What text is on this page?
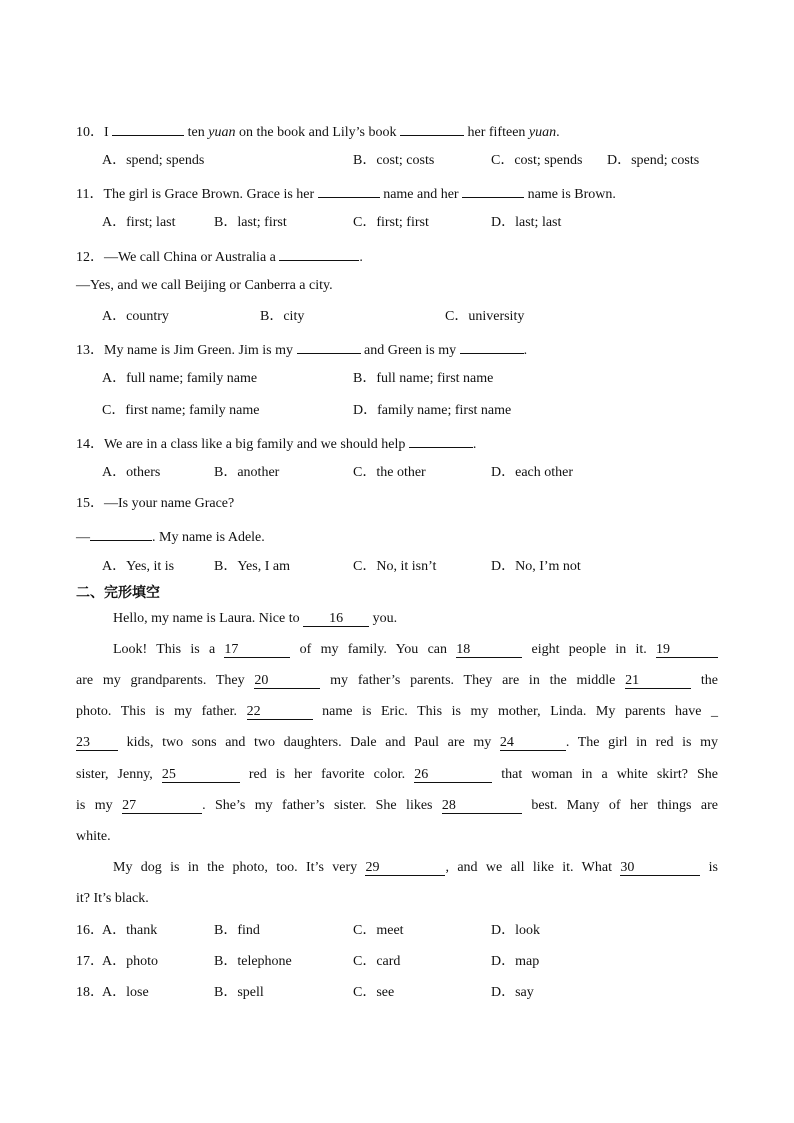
10．I	ten yuan on the book and Lily’s book	her fifteen yuan.
A．spend; spends	B．cost; costs	C．cost; spends D．spend; costs
11．The girl is Grace Brown. Grace is her	name and her	name is Brown.
A．first; last	B．last; first	C．first; first	D．last; last
12．—We call China or Australia a	.
—Yes, and we call Beijing or Canberra a city.
A．country	B．city	C．university
13．My name is Jim Green. Jim is my	and Green is my	.
A．full name; family name	B．full name; first name
C．first name; family name	D．family name; first name
14．We are in a class like a big family and we should help	.
A．others	B．another	C．the other	D．each other
15．—Is your name Grace?
—	. My name is Adele.
A．Yes, it is	B．Yes, I am	C．No, it isn’t	D．No, I’m not
二、完形填空
Hello, my name is Laura. Nice to 16 you.
Look! This is a 17	of my family. You can 18	eight people in it. 19
are my grandparents. They 20	my father’s parents. They are in the middle 21	the
photo. This is my father. 22	name is Eric. This is my mother, Linda. My parents have _
23 kids, two sons and two daughters. Dale and Paul are my 24	. The girl in red is my
sister, Jenny, 25	red is her favorite color. 26	that woman in a white skirt? She
is my 27	. She’s my father’s sister. She likes 28	best. Many of her things are
white.
My dog is in the photo, too. It’s very 29	, and we all like it. What 30	is
it? It’s black.
16．
A．thank	B．find	C．meet	D．look
17．
A．photo	B．telephone	C．card	D．map
18．
A．lose	B．spell	C．see	D．say
